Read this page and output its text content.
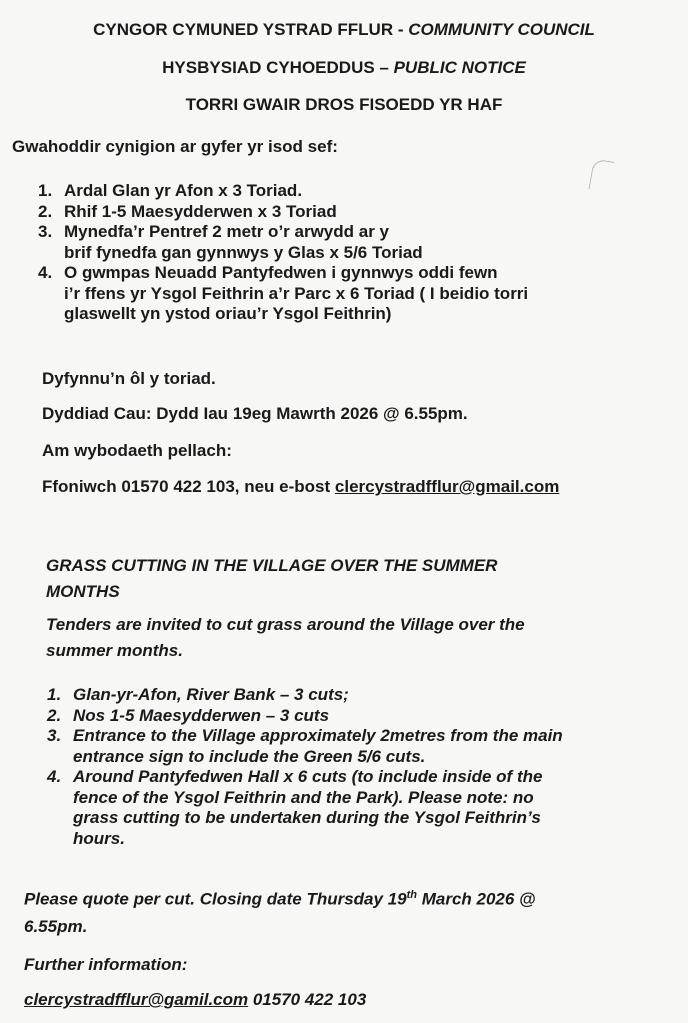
CYNGOR CYMUNED YSTRAD FFLUR - COMMUNITY COUNCIL
HYSBYSIAD CYHOEDDUS – PUBLIC NOTICE
TORRI GWAIR DROS FISOEDD YR HAF
Gwahoddir cynigion ar gyfer yr isod sef:
1. Ardal Glan yr Afon x 3 Toriad.
2. Rhif 1-5 Maesydderwen x 3 Toriad
3. Mynedfa’r Pentref 2 metr o’r arwydd ar y
brif fynedfa gan gynnwys y Glas x 5/6 Toriad
4. O gwmpas Neuadd Pantyfedwen i gynnwys oddi fewn
i’r ffens yr Ysgol Feithrin a’r Parc x 6 Toriad ( I beidio torri
glaswellt yn ystod oriau’r Ysgol Feithrin)
Dyfynnu’n ôl y toriad.
Dyddiad Cau: Dydd Iau 19eg Mawrth 2026 @ 6.55pm.
Am wybodaeth pellach:
Ffoniwch 01570 422 103, neu e-bost clercystradfflur@gmail.com
GRASS CUTTING IN THE VILLAGE OVER THE SUMMER
MONTHS
Tenders are invited to cut grass around the Village over the
summer months.
1. Glan-yr-Afon, River Bank – 3 cuts;
2. Nos 1-5 Maesydderwen – 3 cuts
3. Entrance to the Village approximately 2metres from the main
entrance sign to include the Green 5/6 cuts.
4. Around Pantyfedwen Hall x 6 cuts (to include inside of the
fence of the Ysgol Feithrin and the Park). Please note: no
grass cutting to be undertaken during the Ysgol Feithrin’s
hours.
Please quote per cut. Closing date Thursday 19th March 2026 @
6.55pm.
Further information:
clercystradfflur@gamil.com 01570 422 103
